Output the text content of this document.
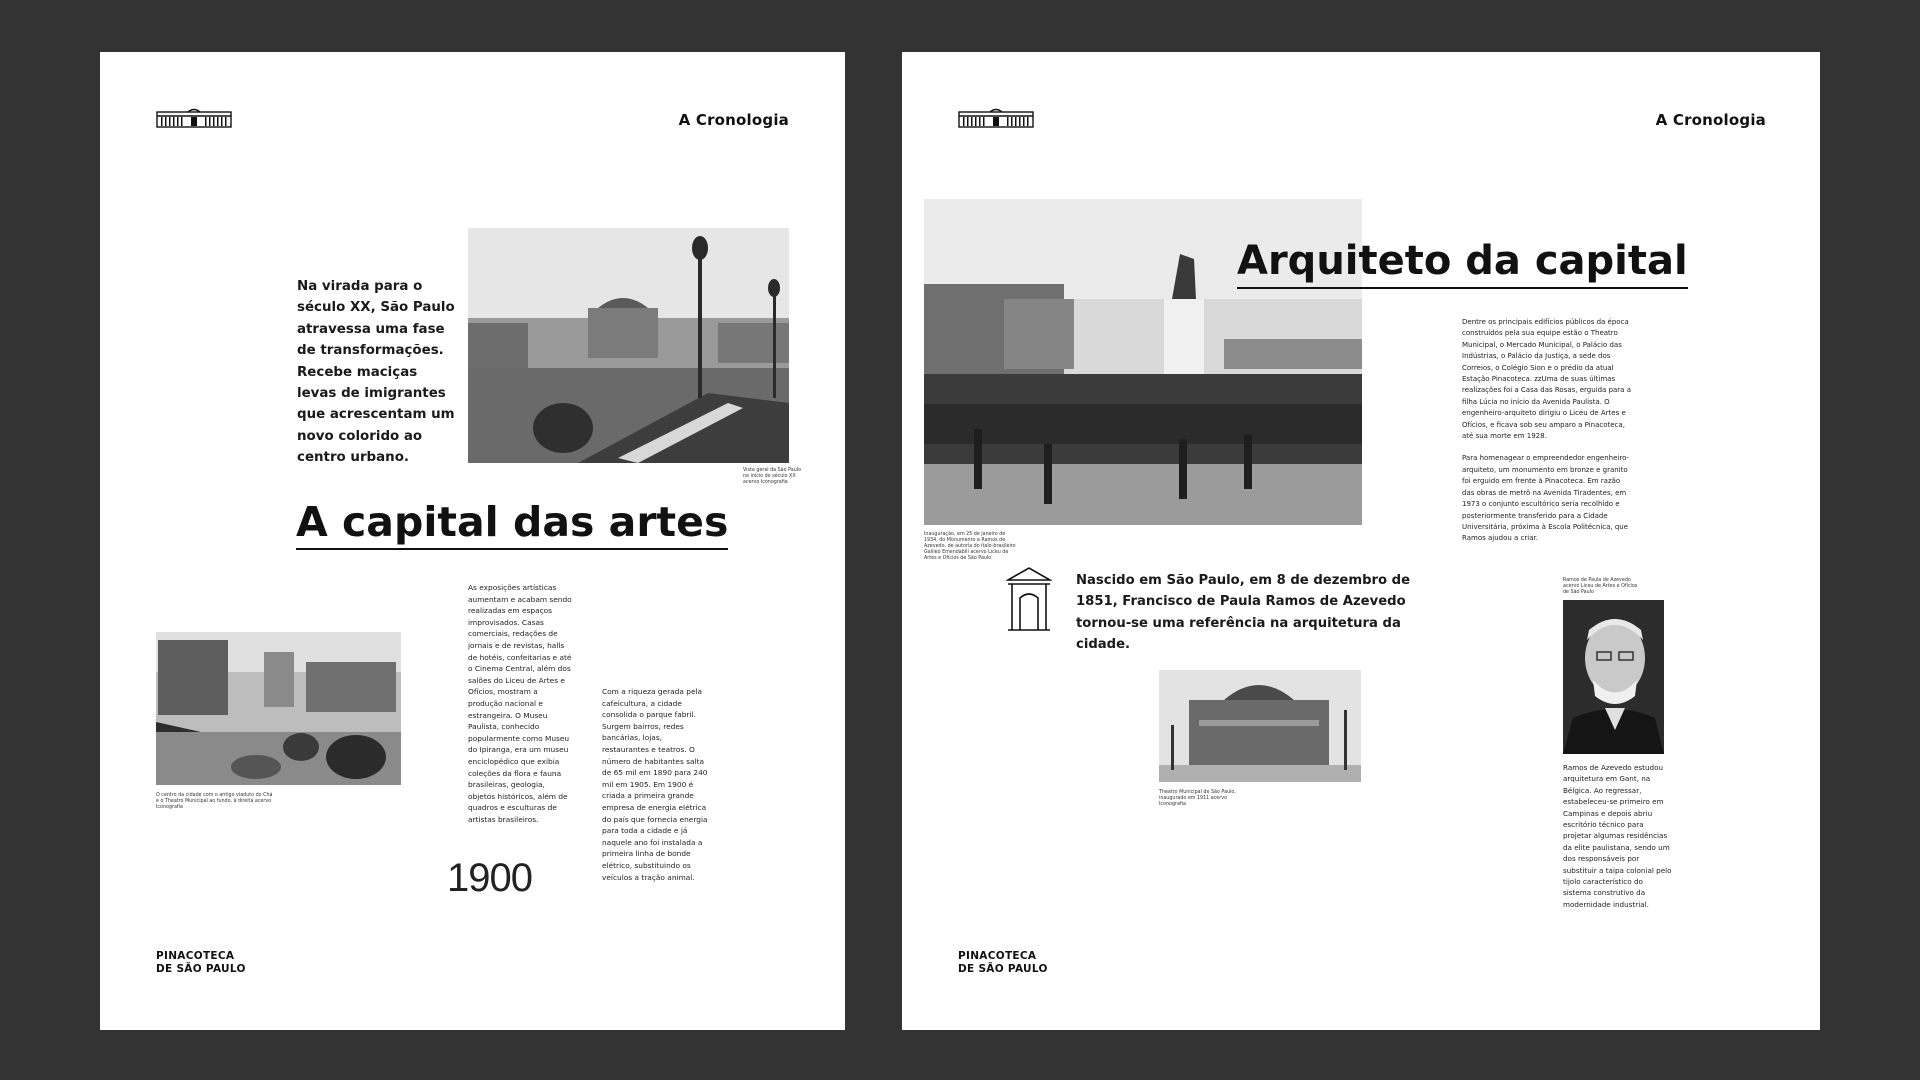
A Cronologia
Vista geral da São Paulo no início do século XX acervo Iconografia
Na virada para o século XX, São Paulo atravessa uma fase de transformações. Recebe maciças levas de imigrantes que acrescentam um novo colorido ao centro urbano.
A capital das artes
O centro da cidade com o antigo viaduto do Chá e o Theatro Municipal ao fundo, à direita acervo Iconografia
As exposições artísticas aumentam e acabam sendo realizadas em espaços improvisados. Casas comerciais, redações de jornais e de revistas, halls de hotéis, confeitarias e até o Cinema Central, além dos salões do Liceu de Artes e Ofícios, mostram a produção nacional e estrangeira. O Museu Paulista, conhecido popularmente como Museu do Ipiranga, era um museu enciclopédico que exibia coleções da flora e fauna brasileiras, geologia, objetos históricos, além de quadros e esculturas de artistas brasileiros.
Com a riqueza gerada pela cafeicultura, a cidade consolida o parque fabril. Surgem bairros, redes bancárias, lojas, restaurantes e teatros. O número de habitantes salta de 65 mil em 1890 para 240 mil em 1905. Em 1900 é criada a primeira grande empresa de energia elétrica do país que fornecia energia para toda a cidade e já naquele ano foi instalada a primeira linha de bonde elétrico, substituindo os veículos a tração animal.
1900
PINACOTECA
DE SÃO PAULO
A Cronologia
Inauguração, em 25 de janeiro de 1934, do Monumento a Ramos de Azevedo, de autoria do ítalo-brasileiro Galileo Emendabili acervo Liceu de Artes e Ofícios de São Paulo
Arquiteto da capital

Dentre os principais edifícios públicos da época construídos pela sua equipe estão o Theatro Municipal, o Mercado Municipal, o Palácio das Indústrias, o Palácio da Justiça, a sede dos Correios, o Colégio Sion e o prédio da atual Estação Pinacoteca. zzUma de suas últimas realizações foi a Casa das Rosas, erguida para a filha Lúcia no início da Avenida Paulista. O engenheiro-arquiteto dirigiu o Liceu de Artes e Ofícios, e ficava sob seu amparo a Pinacoteca, até sua morte em 1928.

Para homenagear o empreendedor engenheiro-arquiteto, um monumento em bronze e granito foi erguido em frente à Pinacoteca. Em razão das obras de metrô na Avenida Tiradentes, em 1973 o conjunto escultórico seria recolhido e posteriormente transferido para a Cidade Universitária, próxima à Escola Politécnica, que Ramos ajudou a criar.

Nascido em São Paulo, em 8 de dezembro de 1851, Francisco de Paula Ramos de Azevedo tornou-se uma referência na arquitetura da cidade.
Theatro Municipal de São Paulo, inaugurado em 1911 acervo Iconografia
Ramos de Paula de Azevedo acervo Liceu de Artes e Ofícios de São Paulo
Ramos de Azevedo estudou arquitetura em Gant, na Bélgica. Ao regressar, estabeleceu-se primeiro em Campinas e depois abriu escritório técnico para projetar algumas residências da elite paulistana, sendo um dos responsáveis por substituir a taipa colonial pelo tijolo característico do sistema construtivo da modernidade industrial.
PINACOTECA
DE SÃO PAULO
